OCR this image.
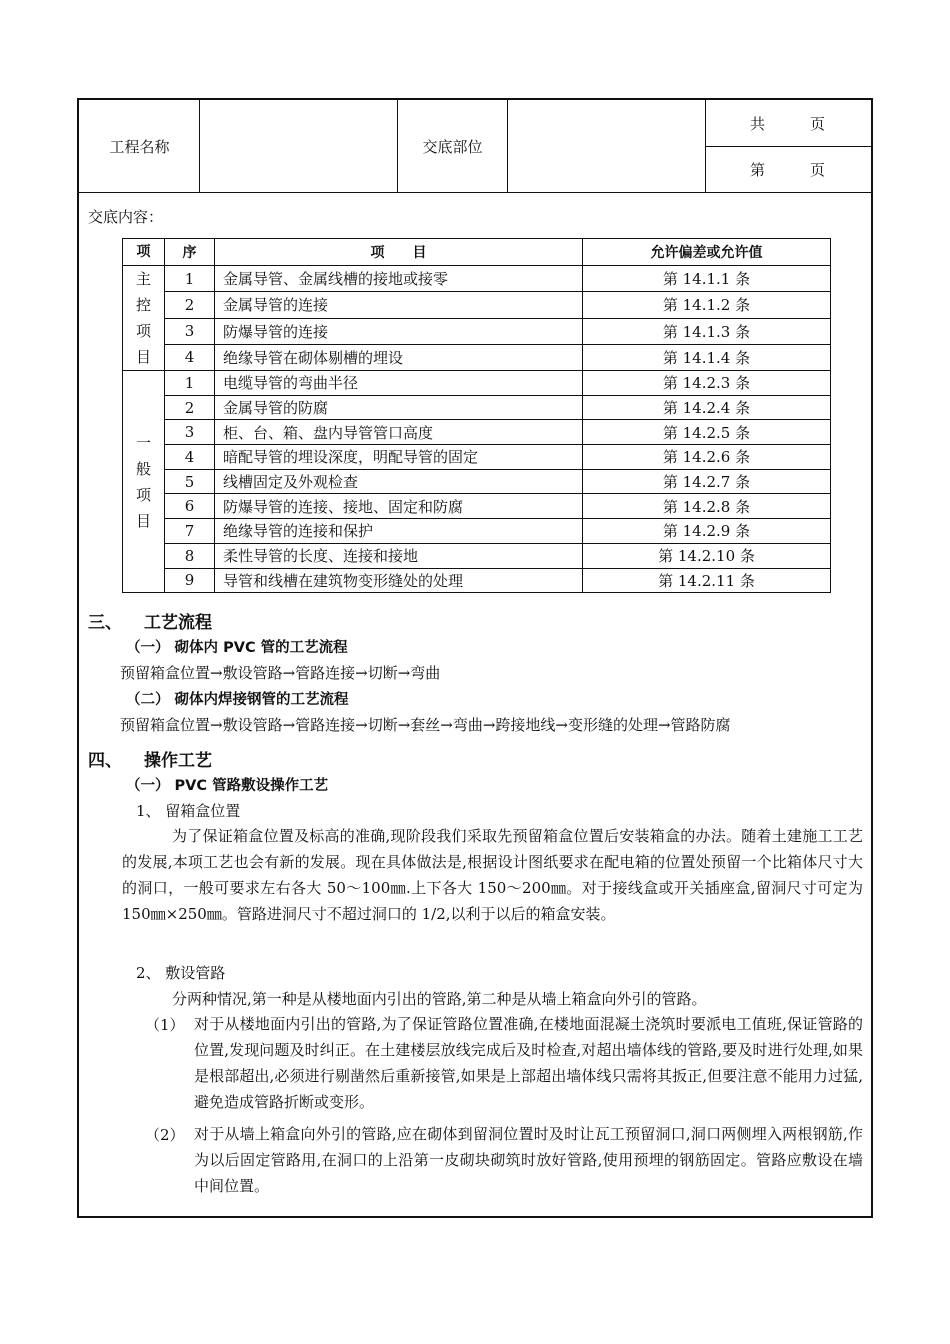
工程名称	交底部位
共	页
第	页
交底内容：
项	序	项　　目	允许偏差或允许值

主
控
项
目	1	金属导管、金属线槽的接地或接零	第 14.1.1 条
	2	金属导管的连接	第 14.1.2 条
	3	防爆导管的连接	第 14.1.3 条
	4	绝缘导管在砌体剔槽的埋设	第 14.1.4 条

一
般
项
目	1	电缆导管的弯曲半径	第 14.2.3 条
	2	金属导管的防腐	第 14.2.4 条
	3	柜、台、箱、盘内导管管口高度	第 14.2.5 条
	4	暗配导管的埋设深度，明配导管的固定	第 14.2.6 条
	5	线槽固定及外观检查	第 14.2.7 条
	6	防爆导管的连接、接地、固定和防腐	第 14.2.8 条
	7	绝缘导管的连接和保护	第 14.2.9 条
	8	柔性导管的长度、连接和接地	第 14.2.10 条
	9	导管和线槽在建筑物变形缝处的处理	第 14.2.11 条
三、 工艺流程
（一） 砌体内 PVC 管的工艺流程
预留箱盒位置→敷设管路→管路连接→切断→弯曲
（二） 砌体内焊接钢管的工艺流程
预留箱盒位置→敷设管路→管路连接→切断→套丝→弯曲→跨接地线→变形缝的处理→管路防腐
四、 操作工艺
（一） PVC 管路敷设操作工艺
1、 留箱盒位置
为了保证箱盒位置及标高的准确,现阶段我们采取先预留箱盒位置后安装箱盒的办法。随着土建施工工艺的发展,本项工艺也会有新的发展。现在具体做法是,根据设计图纸要求在配电箱的位置处预留一个比箱体尺寸大的洞口，一般可要求左右各大 50～100㎜.上下各大 150～200㎜。对于接线盒或开关插座盒,留洞尺寸可定为 150㎜×250㎜。管路进洞尺寸不超过洞口的 1/2,以利于以后的箱盒安装。
2、 敷设管路
分两种情况,第一种是从楼地面内引出的管路,第二种是从墙上箱盒向外引的管路。
（1） 对于从楼地面内引出的管路,为了保证管路位置准确,在楼地面混凝土浇筑时要派电工值班,保证管路的位置,发现问题及时纠正。在土建楼层放线完成后及时检查,对超出墙体线的管路,要及时进行处理,如果是根部超出,必须进行剔凿然后重新接管,如果是上部超出墙体线只需将其扳正,但要注意不能用力过猛,避免造成管路折断或变形。
（2） 对于从墙上箱盒向外引的管路,应在砌体到留洞位置时及时让瓦工预留洞口,洞口两侧埋入两根钢筋,作为以后固定管路用,在洞口的上沿第一皮砌块砌筑时放好管路,使用预埋的钢筋固定。管路应敷设在墙中间位置。
